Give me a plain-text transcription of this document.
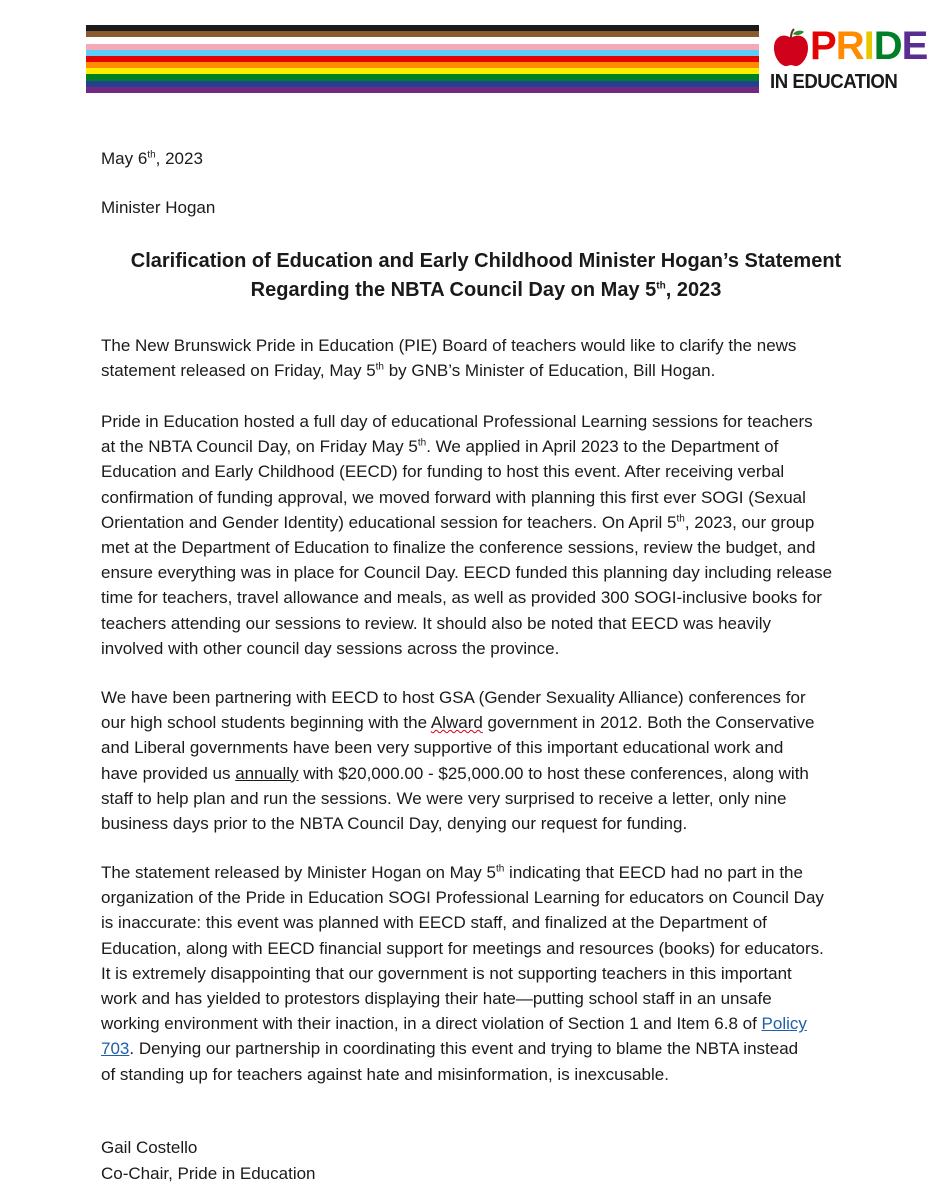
PRIDE
IN EDUCATION

May 6th, 2023

Minister Hogan

Clarification of Education and Early Childhood Minister Hogan’s Statement

Regarding the NBTA Council Day on May 5th, 2023

The New Brunswick Pride in Education (PIE) Board of teachers would like to clarify the news
statement released on Friday, May 5th by GNB’s Minister of Education, Bill Hogan.
Pride in Education hosted a full day of educational Professional Learning sessions for teachers
at the NBTA Council Day, on Friday May 5th. We applied in April 2023 to the Department of
Education and Early Childhood (EECD) for funding to host this event. After receiving verbal
confirmation of funding approval, we moved forward with planning this first ever SOGI (Sexual
Orientation and Gender Identity) educational session for teachers. On April 5th, 2023, our group
met at the Department of Education to finalize the conference sessions, review the budget, and
ensure everything was in place for Council Day. EECD funded this planning day including release
time for teachers, travel allowance and meals, as well as provided 300 SOGI-inclusive books for
teachers attending our sessions to review. It should also be noted that EECD was heavily
involved with other council day sessions across the province.
We have been partnering with EECD to host GSA (Gender Sexuality Alliance) conferences for
our high school students beginning with the Alward government in 2012. Both the Conservative
and Liberal governments have been very supportive of this important educational work and
have provided us annually with $20,000.00 - $25,000.00 to host these conferences, along with
staff to help plan and run the sessions. We were very surprised to receive a letter, only nine
business days prior to the NBTA Council Day, denying our request for funding.
The statement released by Minister Hogan on May 5th indicating that EECD had no part in the
organization of the Pride in Education SOGI Professional Learning for educators on Council Day
is inaccurate: this event was planned with EECD staff, and finalized at the Department of
Education, along with EECD financial support for meetings and resources (books) for educators.
It is extremely disappointing that our government is not supporting teachers in this important
work and has yielded to protestors displaying their hate—putting school staff in an unsafe
working environment with their inaction, in a direct violation of Section 1 and Item 6.8 of Policy
703. Denying our partnership in coordinating this event and trying to blame the NBTA instead
of standing up for teachers against hate and misinformation, is inexcusable.

Gail Costello

Co-Chair, Pride in Education
